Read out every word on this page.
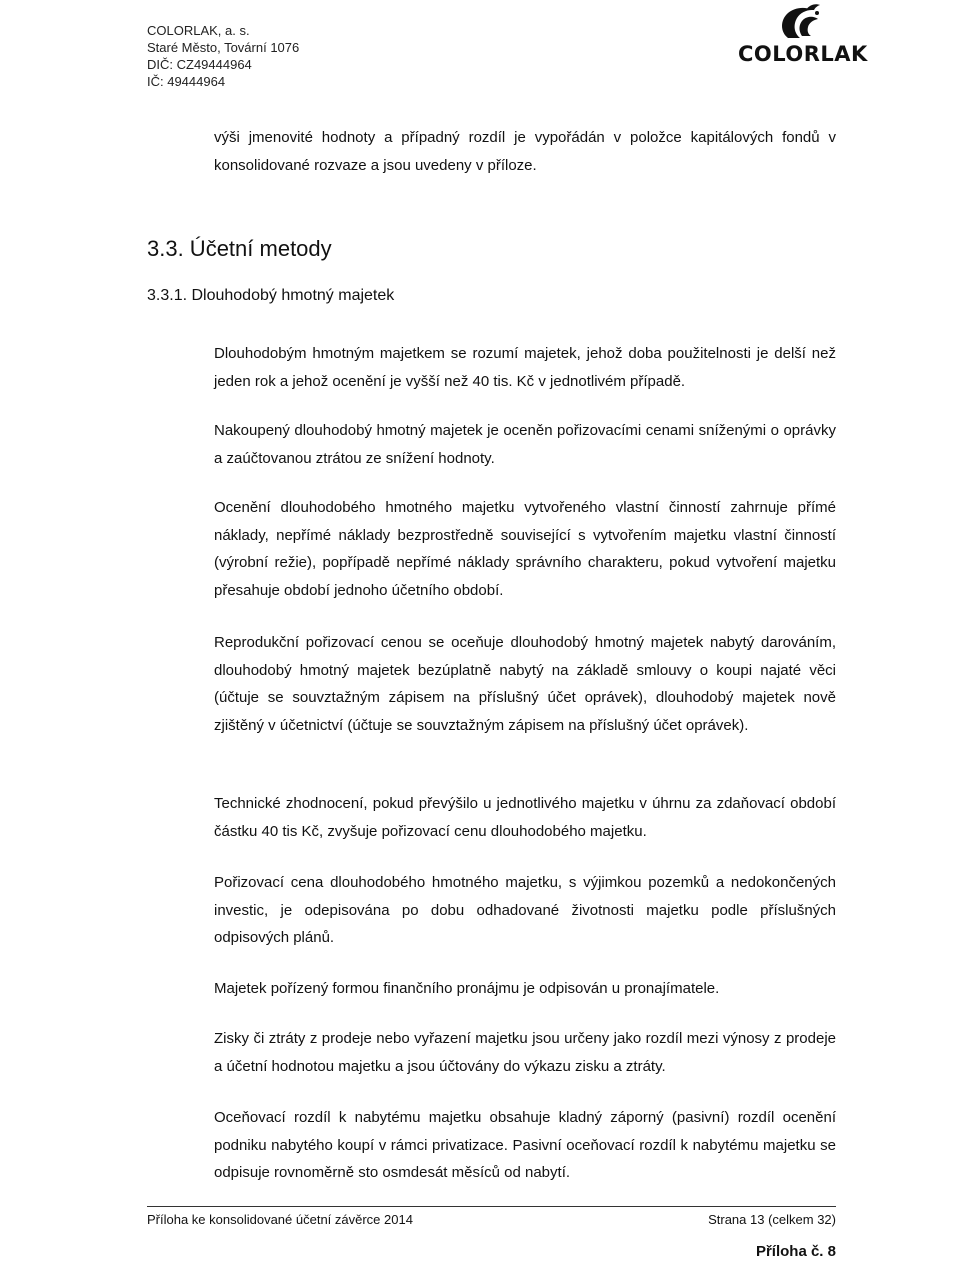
COLORLAK, a. s.
Staré Město, Tovární 1076
DIČ: CZ49444964
IČ: 49444964
COLORLAK
výši jmenovité hodnoty a případný rozdíl je vypořádán v položce kapitálových fondů v konsolidované rozvaze a jsou uvedeny v příloze.
3.3. Účetní metody
3.3.1. Dlouhodobý hmotný majetek
Dlouhodobým hmotným majetkem se rozumí majetek, jehož doba použitelnosti je delší než jeden rok a jehož ocenění je vyšší než 40 tis. Kč v jednotlivém případě.
Nakoupený dlouhodobý hmotný majetek je oceněn pořizovacími cenami sníženými o oprávky a zaúčtovanou ztrátou ze snížení hodnoty.
Ocenění dlouhodobého hmotného majetku vytvořeného vlastní činností zahrnuje přímé náklady, nepřímé náklady bezprostředně související s vytvořením majetku vlastní činností (výrobní režie), popřípadě nepřímé náklady správního charakteru, pokud vytvoření majetku přesahuje období jednoho účetního období.
Reprodukční pořizovací cenou se oceňuje dlouhodobý hmotný majetek nabytý darováním, dlouhodobý hmotný majetek bezúplatně nabytý na základě smlouvy o koupi najaté věci (účtuje se souvztažným zápisem na příslušný účet oprávek), dlouhodobý majetek nově zjištěný v účetnictví (účtuje se souvztažným zápisem na příslušný účet oprávek).
Technické zhodnocení, pokud převýšilo u jednotlivého majetku v úhrnu za zdaňovací období částku 40 tis Kč, zvyšuje pořizovací cenu dlouhodobého majetku.
Pořizovací cena dlouhodobého hmotného majetku, s výjimkou pozemků a nedokončených investic, je odepisována po dobu odhadované životnosti majetku podle příslušných odpisových plánů.
Majetek pořízený formou finančního pronájmu je odpisován u pronajímatele.
Zisky či ztráty z prodeje nebo vyřazení majetku jsou určeny jako rozdíl mezi výnosy z prodeje a účetní hodnotou majetku a jsou účtovány do výkazu zisku a ztráty.
Oceňovací rozdíl k nabytému majetku obsahuje kladný záporný (pasivní) rozdíl ocenění podniku nabytého koupí v rámci privatizace. Pasivní oceňovací rozdíl k nabytému majetku se odpisuje rovnoměrně sto osmdesát měsíců od nabytí.
Příloha ke konsolidované účetní závěrce 2014	Strana 13 (celkem 32)
Příloha č. 8
